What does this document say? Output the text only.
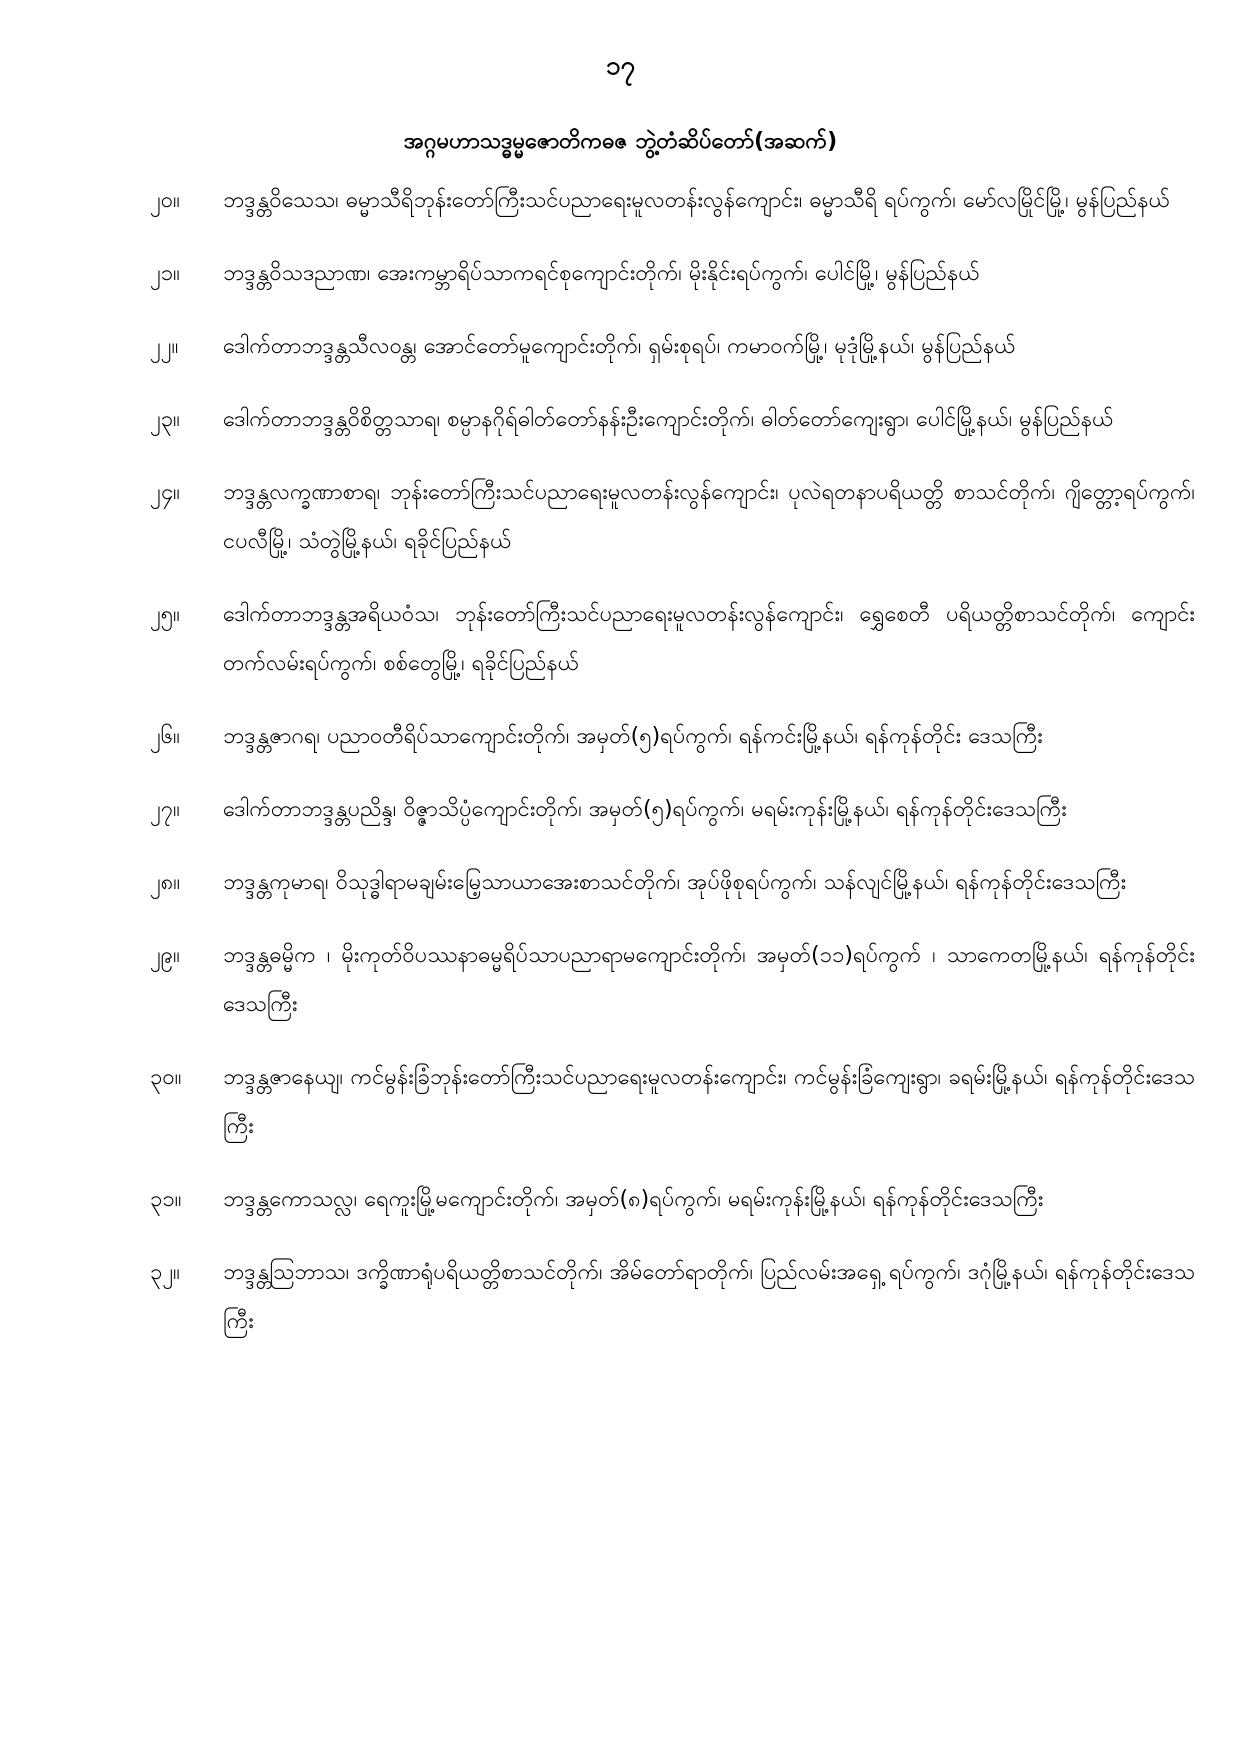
၁၇
အဂ္ဂမဟာသဒ္ဓမ္မဇောတိကဓဇ ဘွဲ့တံဆိပ်တော်(အဆက်)
၂၀။	ဘဒ္ဒန္တဝိသေသ၊ ဓမ္မာသီရိဘုန်းတော်ကြီးသင်ပညာရေးမူလတန်းလွန်ကျောင်း၊ ဓမ္မာသီရိ ရပ်ကွက်၊ မော်လမြိုင်မြို့၊ မွန်ပြည်နယ်
၂၁။	ဘဒ္ဒန္တဝိသဒညာဏ၊ အေးကမ္ဘာရိပ်သာကရင်စုကျောင်းတိုက်၊ မိုးနိုင်းရပ်ကွက်၊ ပေါင်မြို့၊ မွန်ပြည်နယ်
၂၂။	ဒေါက်တာဘဒ္ဒန္တသီလဝန္တ၊ အောင်တော်မူကျောင်းတိုက်၊ ရှမ်းစုရပ်၊ ကမာဝက်မြို့၊ မုဒုံမြို့နယ်၊ မွန်ပြည်နယ်
၂၃။	ဒေါက်တာဘဒ္ဒန္တဝိစိတ္တသာရ၊ စမ္ပာနဂိုရ်ဓါတ်တော်နန်းဦးကျောင်းတိုက်၊ ဓါတ်တော်ကျေးရွာ၊ ပေါင်မြို့နယ်၊ မွန်ပြည်နယ်
၂၄။	ဘဒ္ဒန္တလက္ခဏာစာရ၊ ဘုန်းတော်ကြီးသင်ပညာရေးမူလတန်းလွန်ကျောင်း၊ ပုလဲရတနာပရိယတ္တိ စာသင်တိုက်၊ ဂျိတ္တော့ရပ်ကွက်၊ ငပလီမြို့၊ သံတွဲမြို့နယ်၊ ရခိုင်ပြည်နယ်
၂၅။	ဒေါက်တာဘဒ္ဒန္တအရိယဝံသ၊ ဘုန်းတော်ကြီးသင်ပညာရေးမူလတန်းလွန်ကျောင်း၊ ရွှေစေတီ ပရိယတ္တိစာသင်တိုက်၊ ကျောင်းတက်လမ်းရပ်ကွက်၊ စစ်တွေမြို့၊ ရခိုင်ပြည်နယ်
၂၆။	ဘဒ္ဒန္တဇာဂရ၊ ပညာဝတီရိပ်သာကျောင်းတိုက်၊ အမှတ်(၅)ရပ်ကွက်၊ ရန်ကင်းမြို့နယ်၊ ရန်ကုန်တိုင်း ဒေသကြီး
၂၇။	ဒေါက်တာဘဒ္ဒန္တပညိန္ဒ၊ ဝိဇ္ဇာသိပ္ပံကျောင်းတိုက်၊ အမှတ်(၅)ရပ်ကွက်၊ မရမ်းကုန်းမြို့နယ်၊ ရန်ကုန်တိုင်းဒေသကြီး
၂၈။	ဘဒ္ဒန္တကုမာရ၊ ဝိသုဒ္ဓါရာမချမ်းမြေ့သာယာအေးစာသင်တိုက်၊ အုပ်ဖိုစုရပ်ကွက်၊ သန်လျင်မြို့နယ်၊ ရန်ကုန်တိုင်းဒေသကြီး
၂၉။	ဘဒ္ဒန္တဓမ္မိက ၊ မိုးကုတ်ဝိပဿနာဓမ္မရိပ်သာပညာရာမကျောင်းတိုက်၊ အမှတ်(၁၁)ရပ်ကွက် ၊ သာကေတမြို့နယ်၊ ရန်ကုန်တိုင်းဒေသကြီး
၃၀။	ဘဒ္ဒန္တဇာနေယျ၊ ကင်မွန်းခြံဘုန်းတော်ကြီးသင်ပညာရေးမူလတန်းကျောင်း၊ ကင်မွန်းခြံကျေးရွာ၊ ခရမ်းမြို့နယ်၊ ရန်ကုန်တိုင်းဒေသကြီး
၃၁။	ဘဒ္ဒန္တကောသလ္လ၊ ရေကူးမြို့မကျောင်းတိုက်၊ အမှတ်(၈)ရပ်ကွက်၊ မရမ်းကုန်းမြို့နယ်၊ ရန်ကုန်တိုင်းဒေသကြီး
၃၂။	ဘဒ္ဒန္တသြဘာသ၊ ဒက္ခိဏာရုံပရိယတ္တိစာသင်တိုက်၊ အိမ်တော်ရာတိုက်၊ ပြည်လမ်းအရှေ့ ရပ်ကွက်၊ ဒဂုံမြို့နယ်၊ ရန်ကုန်တိုင်းဒေသကြီး
